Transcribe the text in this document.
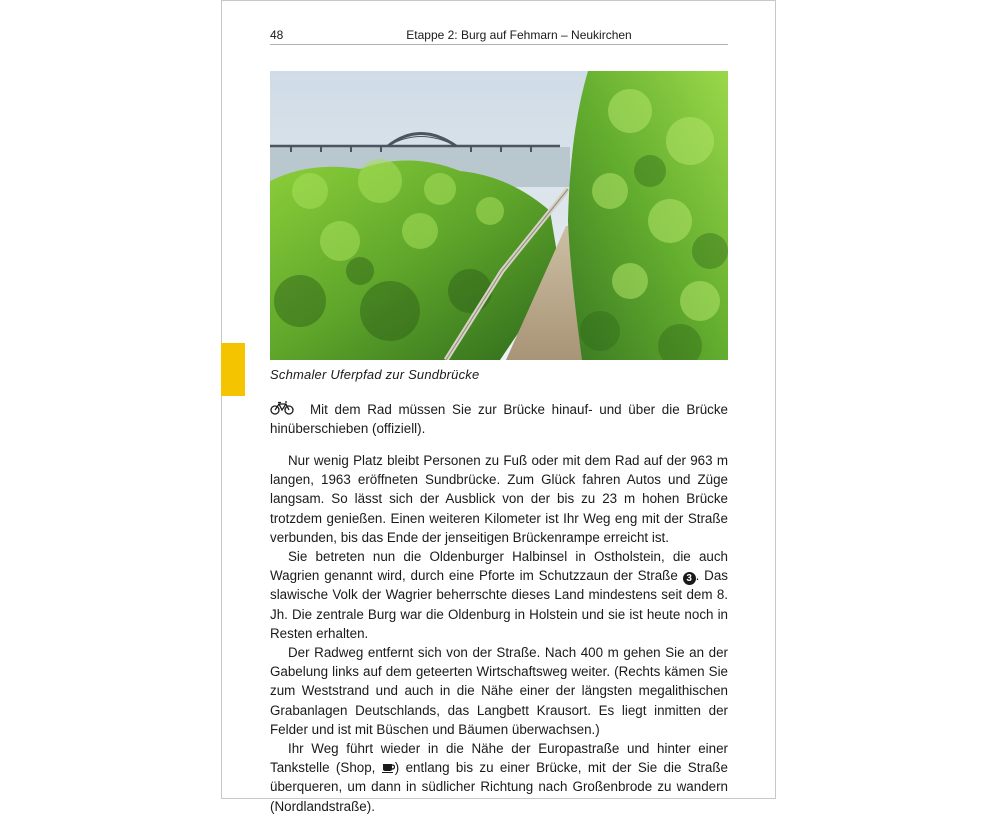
48	Etappe 2: Burg auf Fehmarn – Neukirchen
Schmaler Uferpfad zur Sundbrücke
Mit dem Rad müssen Sie zur Brücke hinauf- und über die Brücke hinüberschieben (offiziell).

Nur wenig Platz bleibt Personen zu Fuß oder mit dem Rad auf der 963 m langen, 1963 eröffneten Sundbrücke. Zum Glück fahren Autos und Züge langsam. So lässt sich der Ausblick von der bis zu 23 m hohen Brücke trotzdem genießen. Einen weiteren Kilometer ist Ihr Weg eng mit der Straße verbunden, bis das Ende der jenseitigen Brückenrampe erreicht ist.

Sie betreten nun die Oldenburger Halbinsel in Ostholstein, die auch Wagrien genannt wird, durch eine Pforte im Schutzzaun der Straße 3 . Das slawische Volk der Wagrier beherrschte dieses Land mindestens seit dem 8. Jh. Die zentrale Burg war die Oldenburg in Holstein und sie ist heute noch in Resten erhalten.

Der Radweg entfernt sich von der Straße. Nach 400 m gehen Sie an der Gabelung links auf dem geteerten Wirtschaftsweg weiter. (Rechts kämen Sie zum Weststrand und auch in die Nähe einer der längsten megalithischen Grabanlagen Deutschlands, das Langbett Krausort. Es liegt inmitten der Felder und ist mit Büschen und Bäumen überwachsen.)

Ihr Weg führt wieder in die Nähe der Europastraße und hinter einer Tankstelle (Shop, ) entlang bis zu einer Brücke, mit der Sie die Straße überqueren, um dann in südlicher Richtung nach Großenbrode zu wandern (Nordlandstraße).
